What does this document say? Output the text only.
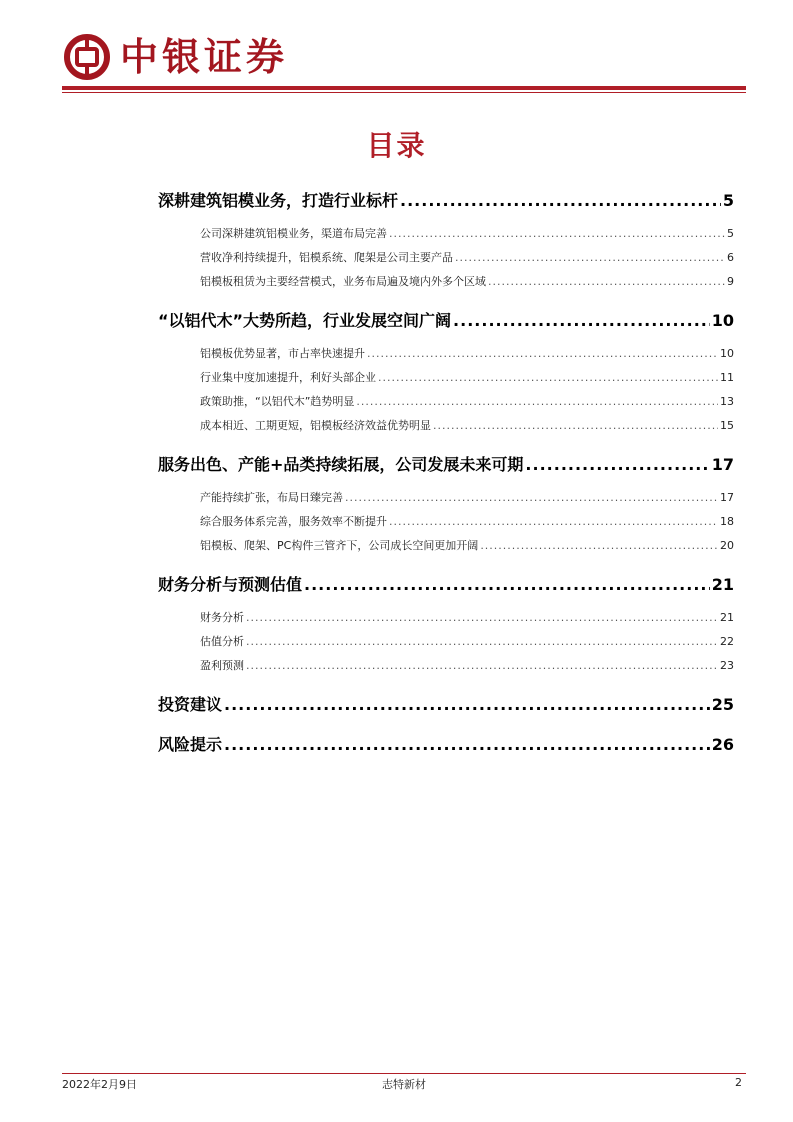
中银证券
目录
深耕建筑铝模业务，打造行业标杆 .....	5
公司深耕建筑铝模业务，渠道布局完善 .....	5
营收净利持续提升，铝模系统、爬架是公司主要产品 .....	6
铝模板租赁为主要经营模式，业务布局遍及境内外多个区域 .....	9
“以铝代木”大势所趋，行业发展空间广阔 .....	10
铝模板优势显著，市占率快速提升 .....	10
行业集中度加速提升，利好头部企业 .....	11
政策助推，“以铝代木”趋势明显 .....	13
成本相近、工期更短，铝模板经济效益优势明显 .....	15
服务出色、产能+品类持续拓展，公司发展未来可期 .....	17
产能持续扩张，布局日臻完善 .....	17
综合服务体系完善，服务效率不断提升 .....	18
铝模板、爬架、PC构件三管齐下，公司成长空间更加开阔 .....	20
财务分析与预测估值 .....	21
财务分析 .....	21
估值分析 .....	22
盈利预测 .....	23
投资建议 .....	25
风险提示 .....	26
2022年2月9日	志特新材	2
